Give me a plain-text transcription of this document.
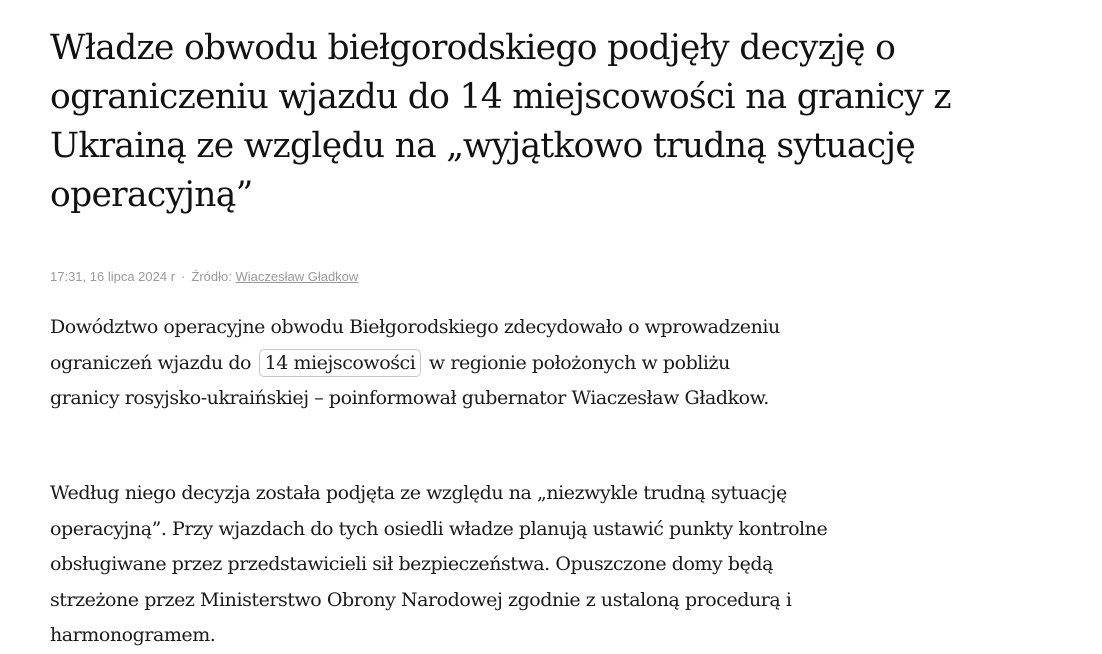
Władze obwodu biełgorodskiego podjęły decyzję o ograniczeniu wjazdu do 14 miejscowości na granicy z Ukrainą ze względu na „wyjątkowo trudną sytuację operacyjną”
17:31, 16 lipca 2024 r · Źródło: Wiaczesław Gładkow

Dowództwo operacyjne obwodu Biełgorodskiego zdecydowało o wprowadzeniu ograniczeń wjazdu do 14 miejscowości w regionie położonych w pobliżu granicy rosyjsko-ukraińskiej – poinformował gubernator Wiaczesław Gładkow.

Według niego decyzja została podjęta ze względu na „niezwykle trudną sytuację operacyjną”. Przy wjazdach do tych osiedli władze planują ustawić punkty kontrolne obsługiwane przez przedstawicieli sił bezpieczeństwa. Opuszczone domy będą strzeżone przez Ministerstwo Obrony Narodowej zgodnie z ustaloną procedurą i harmonogramem.
